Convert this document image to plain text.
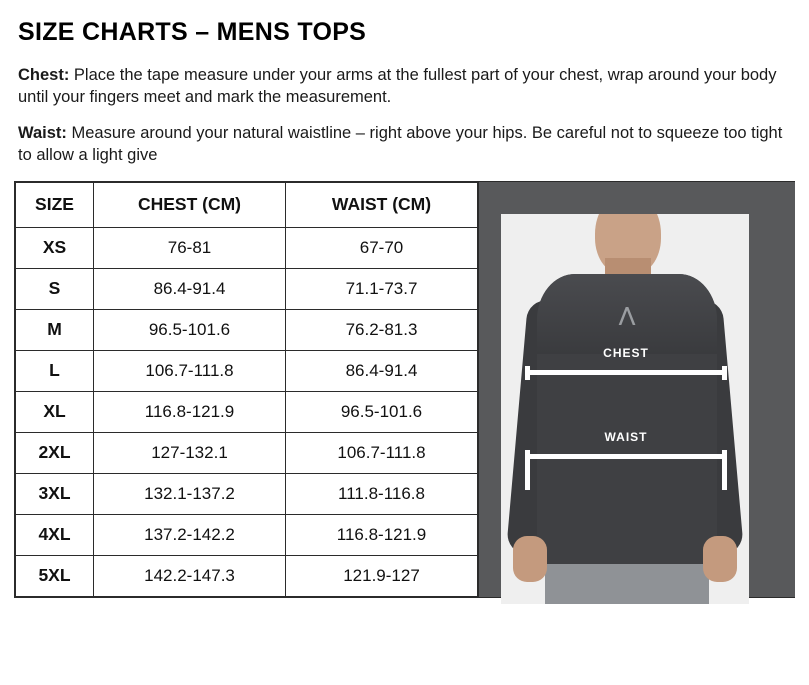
SIZE CHARTS – MENS TOPS

Chest: Place the tape measure under your arms at the fullest part of your chest, wrap around your body until your fingers meet and mark the measurement.

Waist: Measure around your natural waistline – right above your hips. Be careful not to squeeze too tight to allow a light give

SIZE	CHEST (CM)	WAIST (CM)
XS	76-81	67-70
S	86.4-91.4	71.1-73.7
M	96.5-101.6	76.2-81.3
L	106.7-111.8	86.4-91.4
XL	116.8-121.9	96.5-101.6
2XL	127-132.1	106.7-111.8
3XL	132.1-137.2	111.8-116.8
4XL	137.2-142.2	116.8-121.9
5XL	142.2-147.3	121.9-127
⋀
CHEST
WAIST
